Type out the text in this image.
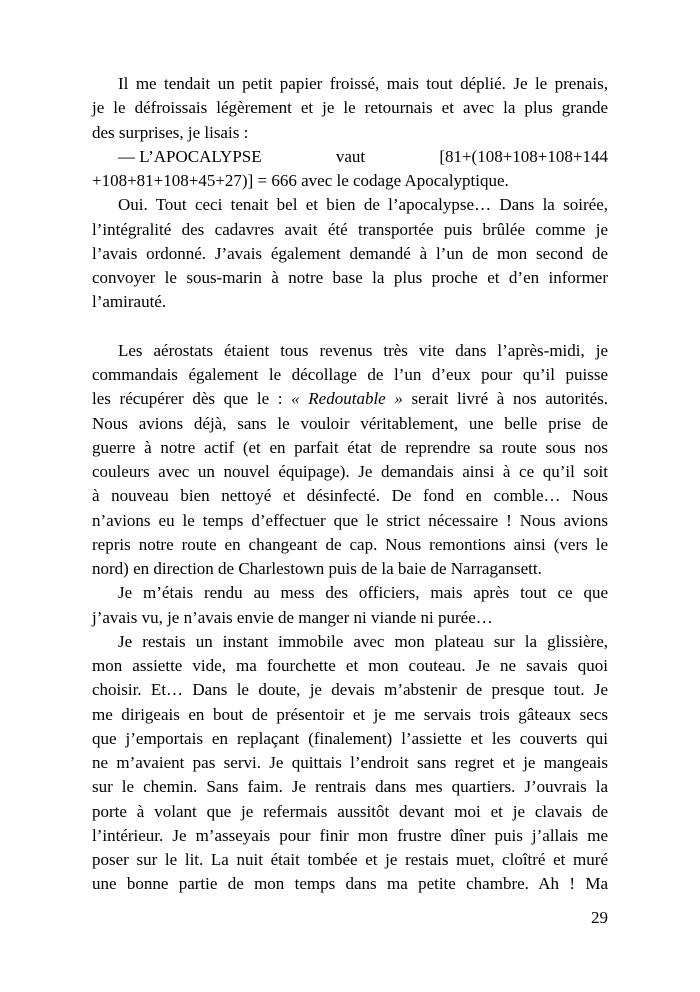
Il me tendait un petit papier froissé, mais tout déplié. Je le prenais,
je le défroissais légèrement et je le retournais et avec la plus grande
des surprises, je lisais :
— L’APOCALYPSE	vaut	[81+(108+108+108+144
+108+81+108+45+27)] = 666 avec le codage Apocalyptique.
Oui. Tout ceci tenait bel et bien de l’apocalypse… Dans la soirée,
l’intégralité des cadavres avait été transportée puis brûlée comme je
l’avais ordonné. J’avais également demandé à l’un de mon second de
convoyer le sous-marin à notre base la plus proche et d’en informer
l’amirauté.
Les aérostats étaient tous revenus très vite dans l’après-midi, je
commandais également le décollage de l’un d’eux pour qu’il puisse
les récupérer dès que le : « Redoutable » serait livré à nos autorités.
Nous avions déjà, sans le vouloir véritablement, une belle prise de
guerre à notre actif (et en parfait état de reprendre sa route sous nos
couleurs avec un nouvel équipage). Je demandais ainsi à ce qu’il soit
à nouveau bien nettoyé et désinfecté. De fond en comble… Nous
n’avions eu le temps d’effectuer que le strict nécessaire ! Nous avions
repris notre route en changeant de cap. Nous remontions ainsi (vers le
nord) en direction de Charlestown puis de la baie de Narragansett.
Je m’étais rendu au mess des officiers, mais après tout ce que
j’avais vu, je n’avais envie de manger ni viande ni purée…
Je restais un instant immobile avec mon plateau sur la glissière,
mon assiette vide, ma fourchette et mon couteau. Je ne savais quoi
choisir. Et… Dans le doute, je devais m’abstenir de presque tout. Je
me dirigeais en bout de présentoir et je me servais trois gâteaux secs
que j’emportais en replaçant (finalement) l’assiette et les couverts qui
ne m’avaient pas servi. Je quittais l’endroit sans regret et je mangeais
sur le chemin. Sans faim. Je rentrais dans mes quartiers. J’ouvrais la
porte à volant que je refermais aussitôt devant moi et je clavais de
l’intérieur. Je m’asseyais pour finir mon frustre dîner puis j’allais me
poser sur le lit. La nuit était tombée et je restais muet, cloîtré et muré
une bonne partie de mon temps dans ma petite chambre. Ah ! Ma
29
